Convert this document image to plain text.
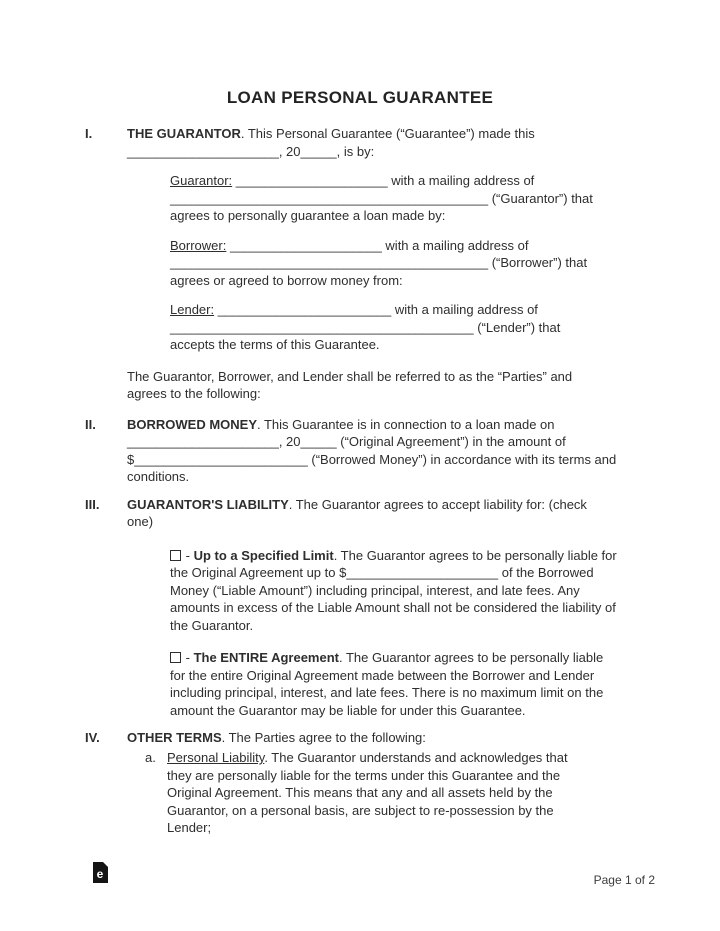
LOAN PERSONAL GUARANTEE
I.	THE GUARANTOR. This Personal Guarantee (“Guarantee”) made this
_____________________, 20_____, is by:
Guarantor: _____________________ with a mailing address of
____________________________________________ (“Guarantor”) that
agrees to personally guarantee a loan made by:
Borrower: _____________________ with a mailing address of
____________________________________________ (“Borrower”) that
agrees or agreed to borrow money from:
Lender: ________________________ with a mailing address of
__________________________________________ (“Lender”) that
accepts the terms of this Guarantee.
The Guarantor, Borrower, and Lender shall be referred to as the “Parties” and
agrees to the following:
II.	BORROWED MONEY. This Guarantee is in connection to a loan made on
_____________________, 20_____ (“Original Agreement”) in the amount of
$________________________ (“Borrowed Money”) in accordance with its terms and
conditions.
III.	GUARANTOR'S LIABILITY. The Guarantor agrees to accept liability for: (check
one)
- Up to a Specified Limit. The Guarantor agrees to be personally liable for
the Original Agreement up to $_____________________ of the Borrowed
Money (“Liable Amount”) including principal, interest, and late fees. Any
amounts in excess of the Liable Amount shall not be considered the liability of
the Guarantor.
- The ENTIRE Agreement. The Guarantor agrees to be personally liable
for the entire Original Agreement made between the Borrower and Lender
including principal, interest, and late fees. There is no maximum limit on the
amount the Guarantor may be liable for under this Guarantee.
IV.	OTHER TERMS. The Parties agree to the following:
a. Personal Liability. The Guarantor understands and acknowledges that
they are personally liable for the terms under this Guarantee and the
Original Agreement. This means that any and all assets held by the
Guarantor, on a personal basis, are subject to re-possession by the
Lender;
e	Page 1 of 2
